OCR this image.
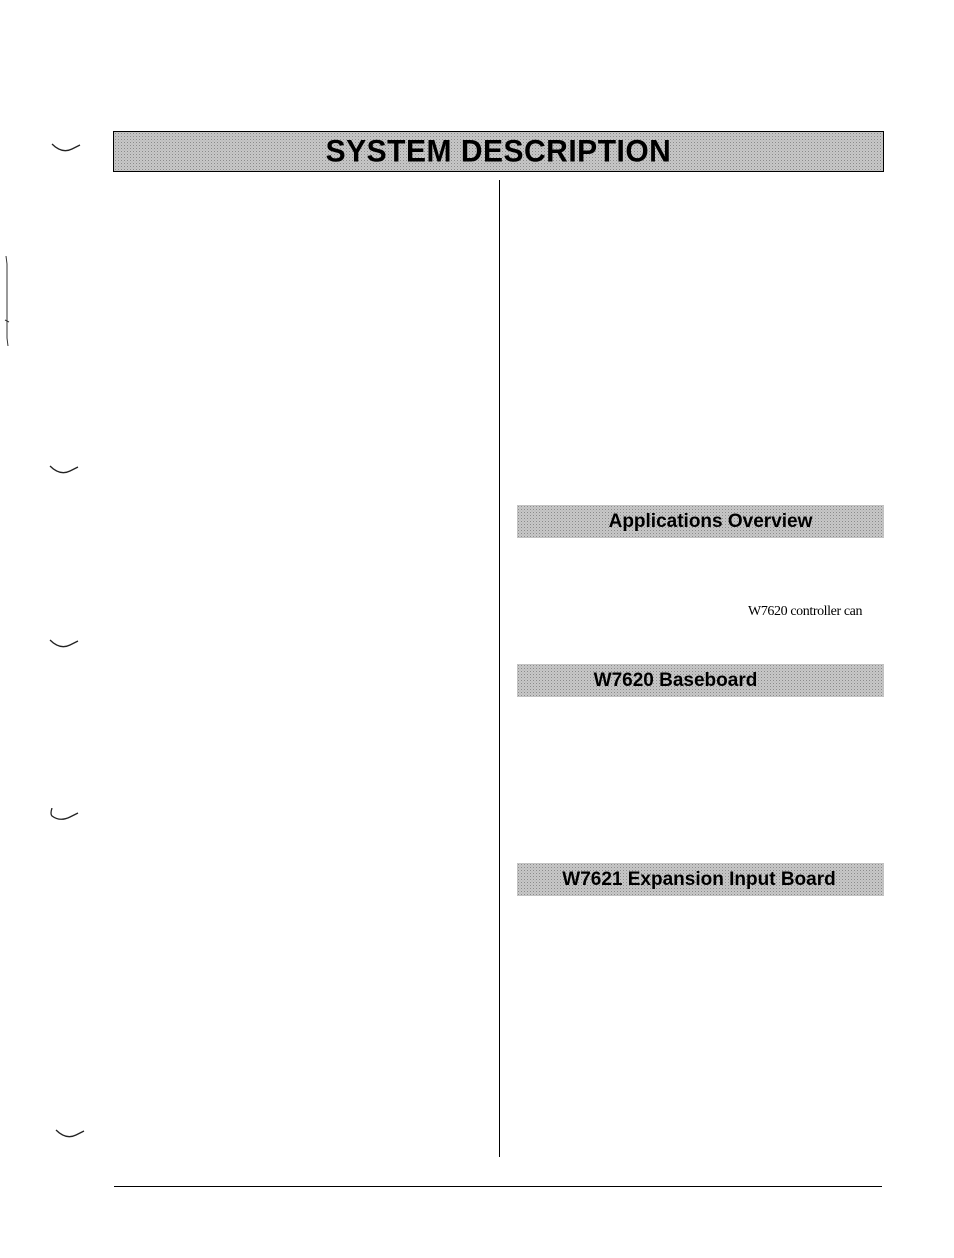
SYSTEM DESCRIPTION
Applications Overview
W7620 controller can
W7620 Baseboard
W7621 Expansion Input Board
